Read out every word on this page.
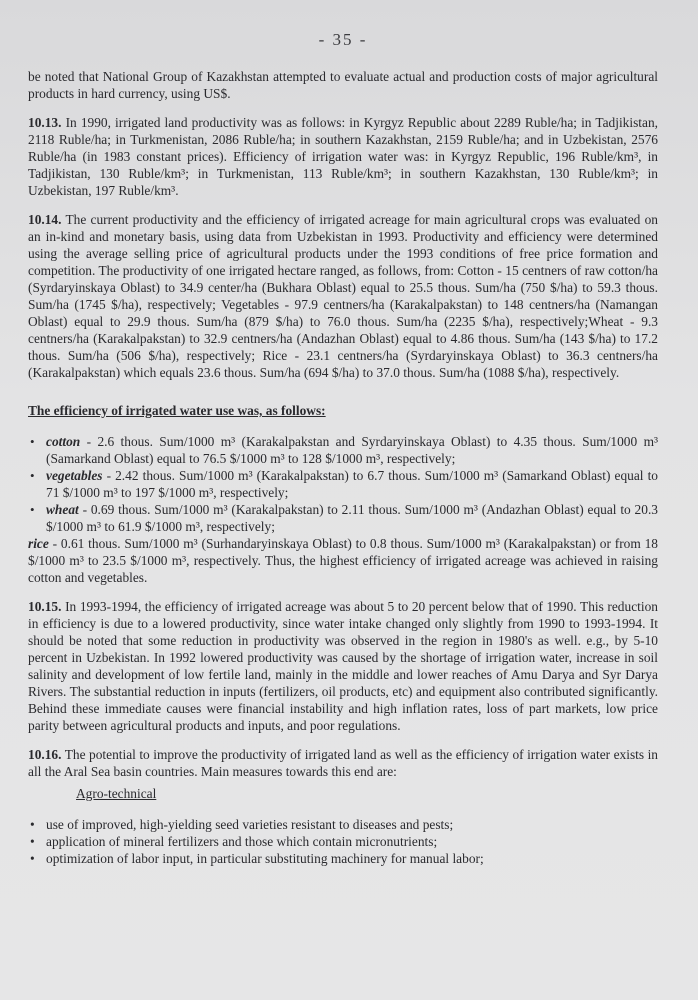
- 35 -

be noted that National Group of Kazakhstan attempted to evaluate actual and production costs of major agricultural products in hard currency, using US$.

10.13. In 1990, irrigated land productivity was as follows: in Kyrgyz Republic about 2289 Ruble/ha; in Tadjikistan, 2118 Ruble/ha; in Turkmenistan, 2086 Ruble/ha; in southern Kazakhstan, 2159 Ruble/ha; and in Uzbekistan, 2576 Ruble/ha (in 1983 constant prices). Efficiency of irrigation water was: in Kyrgyz Republic, 196 Ruble/km³, in Tadjikistan, 130 Ruble/km³; in Turkmenistan, 113 Ruble/km³; in southern Kazakhstan, 130 Ruble/km³; in Uzbekistan, 197 Ruble/km³.

10.14. The current productivity and the efficiency of irrigated acreage for main agricultural crops was evaluated on an in-kind and monetary basis, using data from Uzbekistan in 1993. Productivity and efficiency were determined using the average selling price of agricultural products under the 1993 conditions of free price formation and competition. The productivity of one irrigated hectare ranged, as follows, from: Cotton - 15 centners of raw cotton/ha (Syrdaryinskaya Oblast) to 34.9 center/ha (Bukhara Oblast) equal to 25.5 thous. Sum/ha (750 $/ha) to 59.3 thous. Sum/ha (1745 $/ha), respectively; Vegetables - 97.9 centners/ha (Karakalpakstan) to 148 centners/ha (Namangan Oblast) equal to 29.9 thous. Sum/ha (879 $/ha) to 76.0 thous. Sum/ha (2235 $/ha), respectively;Wheat - 9.3 centners/ha (Karakalpakstan) to 32.9 centners/ha (Andazhan Oblast) equal to 4.86 thous. Sum/ha (143 $/ha) to 17.2 thous. Sum/ha (506 $/ha), respectively; Rice - 23.1 centners/ha (Syrdaryinskaya Oblast) to 36.3 centners/ha (Karakalpakstan) which equals 23.6 thous. Sum/ha (694 $/ha) to 37.0 thous. Sum/ha (1088 $/ha), respectively.

The efficiency of irrigated water use was, as follows:
• cotton - 2.6 thous. Sum/1000 m³ (Karakalpakstan and Syrdaryinskaya Oblast) to 4.35 thous. Sum/1000 m³ (Samarkand Oblast) equal to 76.5 $/1000 m³ to 128 $/1000 m³, respectively;
• vegetables - 2.42 thous. Sum/1000 m³ (Karakalpakstan) to 6.7 thous. Sum/1000 m³ (Samarkand Oblast) equal to 71 $/1000 m³ to 197 $/1000 m³, respectively;
• wheat - 0.69 thous. Sum/1000 m³ (Karakalpakstan) to 2.11 thous. Sum/1000 m³ (Andazhan Oblast) equal to 20.3 $/1000 m³ to 61.9 $/1000 m³, respectively;

rice - 0.61 thous. Sum/1000 m³ (Surhandaryinskaya Oblast) to 0.8 thous. Sum/1000 m³ (Karakalpakstan) or from 18 $/1000 m³ to 23.5 $/1000 m³, respectively. Thus, the highest efficiency of irrigated acreage was achieved in raising cotton and vegetables.

10.15. In 1993-1994, the efficiency of irrigated acreage was about 5 to 20 percent below that of 1990. This reduction in efficiency is due to a lowered productivity, since water intake changed only slightly from 1990 to 1993-1994. It should be noted that some reduction in productivity was observed in the region in 1980's as well. e.g., by 5-10 percent in Uzbekistan. In 1992 lowered productivity was caused by the shortage of irrigation water, increase in soil salinity and development of low fertile land, mainly in the middle and lower reaches of Amu Darya and Syr Darya Rivers. The substantial reduction in inputs (fertilizers, oil products, etc) and equipment also contributed significantly. Behind these immediate causes were financial instability and high inflation rates, loss of part markets, low price parity between agricultural products and inputs, and poor regulations.

10.16. The potential to improve the productivity of irrigated land as well as the efficiency of irrigation water exists in all the Aral Sea basin countries. Main measures towards this end are:

Agro-technical
• use of improved, high-yielding seed varieties resistant to diseases and pests;
• application of mineral fertilizers and those which contain micronutrients;
• optimization of labor input, in particular substituting machinery for manual labor;
